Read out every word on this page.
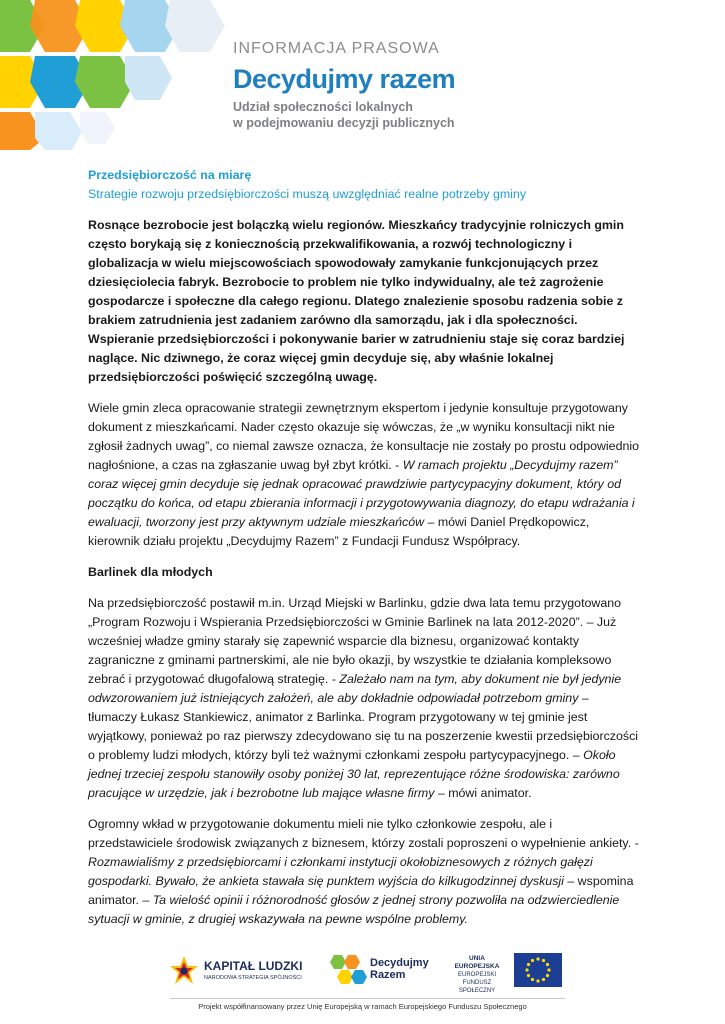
INFORMACJA PRASOWA
Decydujmy razem
Udział społeczności lokalnych
w podejmowaniu decyzji publicznych
Przedsiębiorczość na miarę
Strategie rozwoju przedsiębiorczości muszą uwzględniać realne potrzeby gminy

Rosnące bezrobocie jest bolączką wielu regionów. Mieszkańcy tradycyjnie rolniczych gmin często borykają się z koniecznością przekwalifikowania, a rozwój technologiczny i globalizacja w wielu miejscowościach spowodowały zamykanie funkcjonujących przez dziesięciolecia fabryk. Bezrobocie to problem nie tylko indywidualny, ale też zagrożenie gospodarcze i społeczne dla całego regionu. Dlatego znalezienie sposobu radzenia sobie z brakiem zatrudnienia jest zadaniem zarówno dla samorządu, jak i dla społeczności. Wspieranie przedsiębiorczości i pokonywanie barier w zatrudnieniu staje się coraz bardziej naglące. Nic dziwnego, że coraz więcej gmin decyduje się, aby właśnie lokalnej przedsiębiorczości poświęcić szczególną uwagę.

Wiele gmin zleca opracowanie strategii zewnętrznym ekspertom i jedynie konsultuje przygotowany dokument z mieszkańcami. Nader często okazuje się wówczas, że „w wyniku konsultacji nikt nie zgłosił żadnych uwag”, co niemal zawsze oznacza, że konsultacje nie zostały po prostu odpowiednio nagłośnione, a czas na zgłaszanie uwag był zbyt krótki. - W ramach projektu „Decydujmy razem” coraz więcej gmin decyduje się jednak opracować prawdziwie partycypacyjny dokument, który od początku do końca, od etapu zbierania informacji i przygotowywania diagnozy, do etapu wdrażania i ewaluacji, tworzony jest przy aktywnym udziale mieszkańców – mówi Daniel Prędkopowicz, kierownik działu projektu „Decydujmy Razem” z Fundacji Fundusz Współpracy.

Barlinek dla młodych

Na przedsiębiorczość postawił m.in. Urząd Miejski w Barlinku, gdzie dwa lata temu przygotowano „Program Rozwoju i Wspierania Przedsiębiorczości w Gminie Barlinek na lata 2012-2020”. – Już wcześniej władze gminy starały się zapewnić wsparcie dla biznesu, organizować kontakty zagraniczne z gminami partnerskimi, ale nie było okazji, by wszystkie te działania kompleksowo zebrać i przygotować długofalową strategię. - Zależało nam na tym, aby dokument nie był jedynie odwzorowaniem już istniejących założeń, ale aby dokładnie odpowiadał potrzebom gminy – tłumaczy Łukasz Stankiewicz, animator z Barlinka. Program przygotowany w tej gminie jest wyjątkowy, ponieważ po raz pierwszy zdecydowano się tu na poszerzenie kwestii przedsiębiorczości o problemy ludzi młodych, którzy byli też ważnymi członkami zespołu partycypacyjnego. – Około jednej trzeciej zespołu stanowiły osoby poniżej 30 lat, reprezentujące różne środowiska: zarówno pracujące w urzędzie, jak i bezrobotne lub mające własne firmy – mówi animator.

Ogromny wkład w przygotowanie dokumentu mieli nie tylko członkowie zespołu, ale i przedstawiciele środowisk związanych z biznesem, którzy zostali poproszeni o wypełnienie ankiety. - Rozmawialiśmy z przedsiębiorcami i członkami instytucji okołobiznesowych z różnych gałęzi gospodarki. Bywało, że ankieta stawała się punktem wyjścia do kilkugodzinnej dyskusji – wspomina animator. – Ta wielość opinii i różnorodność głosów z jednej strony pozwoliła na odzwierciedlenie sytuacji w gminie, z drugiej wskazywała na pewne wspólne problemy.

KAPITAŁ LUDZKI
NARODOWA STRATEGIA SPÓJNOŚCI
Decydujmy
Razem
UNIA EUROPEJSKA
EUROPEJSKI
FUNDUSZ SPOŁECZNY
Projekt współfinansowany przez Unię Europejską w ramach Europejskiego Funduszu Społecznego
